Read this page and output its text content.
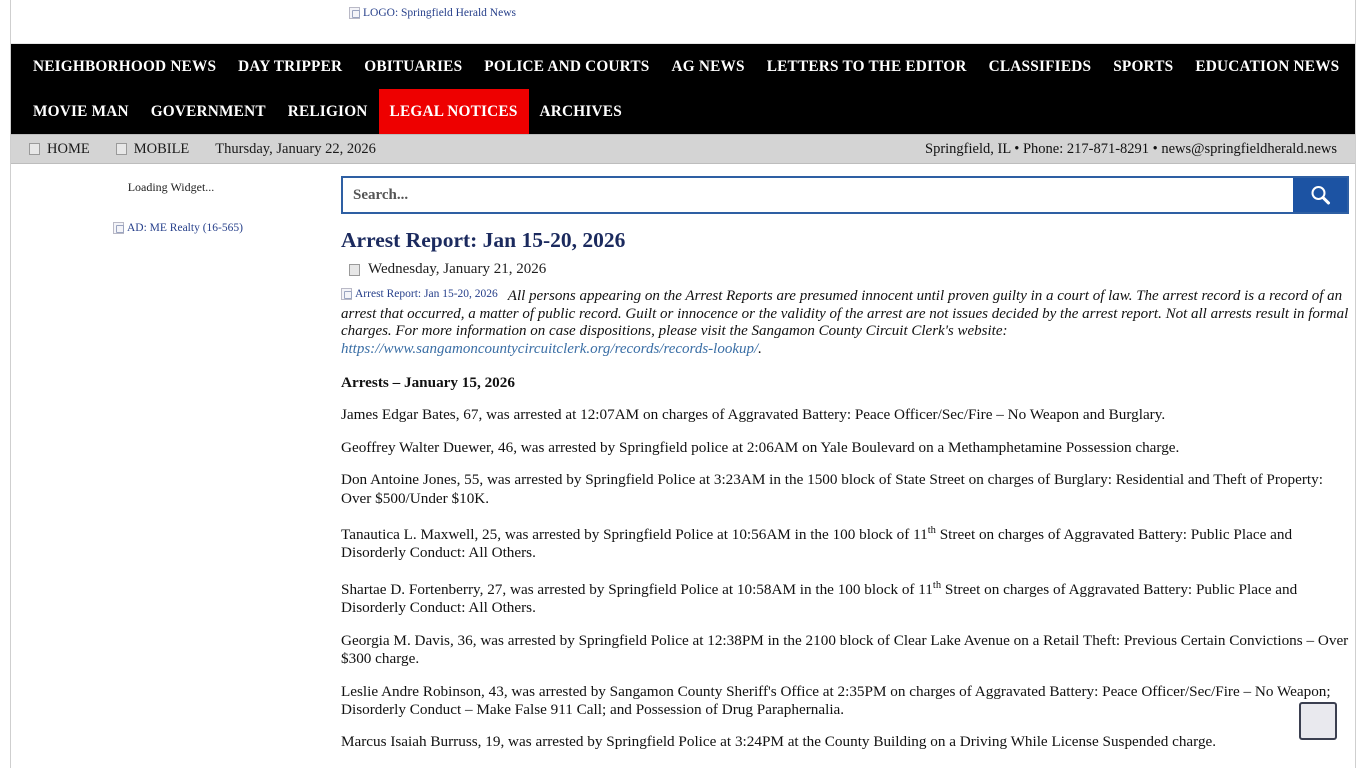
LOGO: Springfield Herald News
NEIGHBORHOOD NEWS DAY TRIPPER OBITUARIES POLICE AND COURTS AG NEWS LETTERS TO THE EDITOR CLASSIFIEDS SPORTS EDUCATION NEWS
MOVIE MAN GOVERNMENT RELIGION LEGAL NOTICES ARCHIVES
HOME	MOBILE Thursday, January 22, 2026	Springfield, IL • Phone: 217-871-8291 • news@springfieldherald.news
Loading Widget...
AD: ME Realty (16-565)
Search...	Arrest Report: Jan 15-20, 2026
Wednesday, January 21, 2026
Arrest Report: Jan 15-20, 2026 All persons appearing on the Arrest Reports are presumed innocent until proven guilty in a court of law. The arrest record is a record of an arrest that occurred, a matter of public record. Guilt or innocence or the validity of the arrest are not issues decided by the arrest report. Not all arrests result in formal charges. For more information on case dispositions, please visit the Sangamon County Circuit Clerk's website: https://www.sangamoncountycircuitclerk.org/records/records-lookup/.
Arrests – January 15, 2026

James Edgar Bates, 67, was arrested at 12:07AM on charges of Aggravated Battery: Peace Officer/Sec/Fire – No Weapon and Burglary.

Geoffrey Walter Duewer, 46, was arrested by Springfield police at 2:06AM on Yale Boulevard on a Methamphetamine Possession charge.

Don Antoine Jones, 55, was arrested by Springfield Police at 3:23AM in the 1500 block of State Street on charges of Burglary: Residential and Theft of Property: Over $500/Under $10K.

Tanautica L. Maxwell, 25, was arrested by Springfield Police at 10:56AM in the 100 block of 11th Street on charges of Aggravated Battery: Public Place and Disorderly Conduct: All Others.

Shartae D. Fortenberry, 27, was arrested by Springfield Police at 10:58AM in the 100 block of 11th Street on charges of Aggravated Battery: Public Place and Disorderly Conduct: All Others.

Georgia M. Davis, 36, was arrested by Springfield Police at 12:38PM in the 2100 block of Clear Lake Avenue on a Retail Theft: Previous Certain Convictions – Over $300 charge.

Leslie Andre Robinson, 43, was arrested by Sangamon County Sheriff's Office at 2:35PM on charges of Aggravated Battery: Peace Officer/Sec/Fire – No Weapon; Disorderly Conduct – Make False 911 Call; and Possession of Drug Paraphernalia.

Marcus Isaiah Burruss, 19, was arrested by Springfield Police at 3:24PM at the County Building on a Driving While License Suspended charge.
